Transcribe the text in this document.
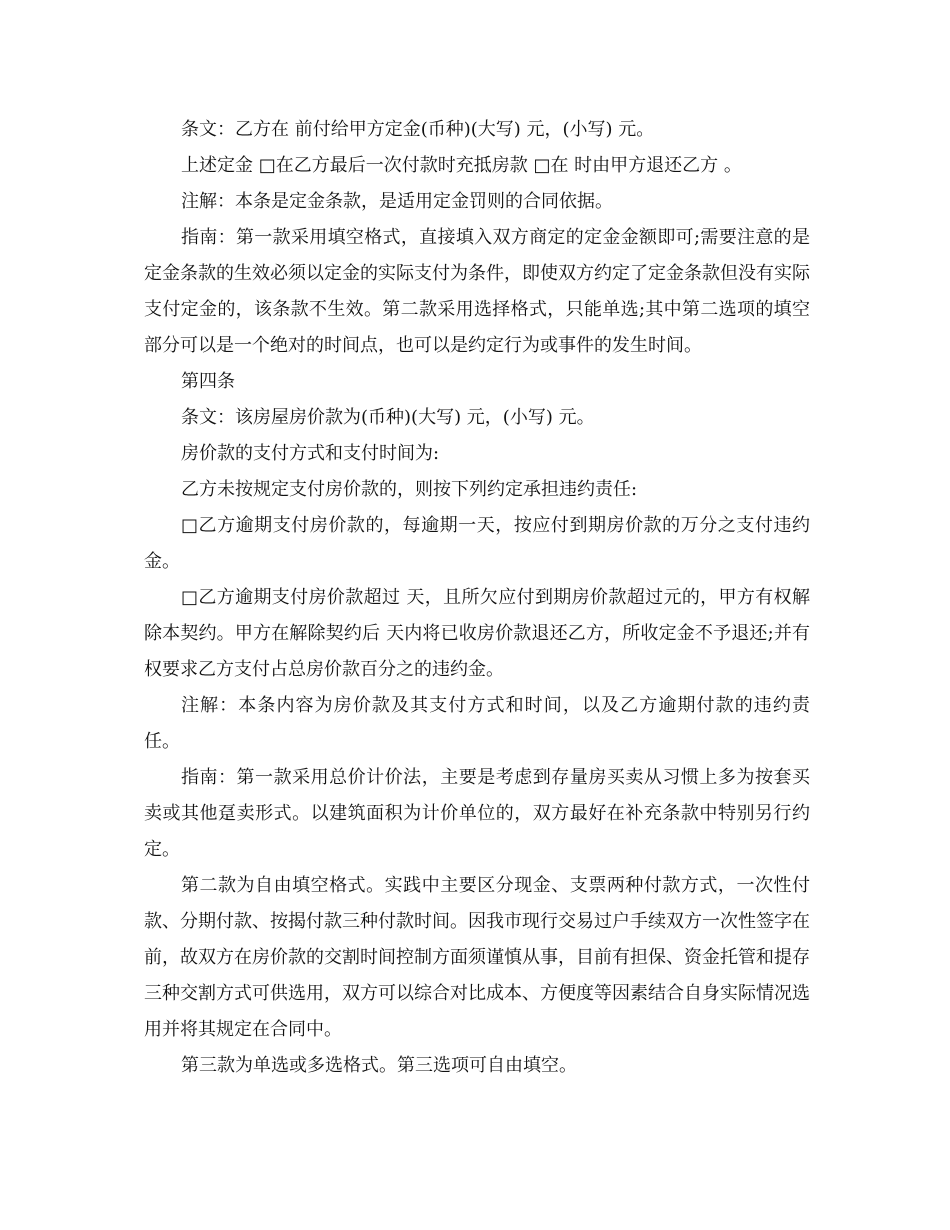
条文：乙方在 前付给甲方定金(币种)(大写) 元，(小写) 元。

上述定金 □在乙方最后一次付款时充抵房款 □在 时由甲方退还乙方 。

注解：本条是定金条款，是适用定金罚则的合同依据。

指南：第一款采用填空格式，直接填入双方商定的定金金额即可;需要注意的是定金条款的生效必须以定金的实际支付为条件，即使双方约定了定金条款但没有实际支付定金的，该条款不生效。第二款采用选择格式，只能单选;其中第二选项的填空部分可以是一个绝对的时间点，也可以是约定行为或事件的发生时间。

第四条

条文：该房屋房价款为(币种)(大写) 元，(小写) 元。

房价款的支付方式和支付时间为:

乙方未按规定支付房价款的，则按下列约定承担违约责任:

□乙方逾期支付房价款的，每逾期一天，按应付到期房价款的万分之支付违约金。

□乙方逾期支付房价款超过 天，且所欠应付到期房价款超过元的，甲方有权解除本契约。甲方在解除契约后 天内将已收房价款退还乙方，所收定金不予退还;并有权要求乙方支付占总房价款百分之的违约金。

注解：本条内容为房价款及其支付方式和时间，以及乙方逾期付款的违约责任。

指南：第一款采用总价计价法，主要是考虑到存量房买卖从习惯上多为按套买卖或其他趸卖形式。以建筑面积为计价单位的，双方最好在补充条款中特别另行约定。

第二款为自由填空格式。实践中主要区分现金、支票两种付款方式，一次性付款、分期付款、按揭付款三种付款时间。因我市现行交易过户手续双方一次性签字在前，故双方在房价款的交割时间控制方面须谨慎从事，目前有担保、资金托管和提存三种交割方式可供选用，双方可以综合对比成本、方便度等因素结合自身实际情况选用并将其规定在合同中。

第三款为单选或多选格式。第三选项可自由填空。
